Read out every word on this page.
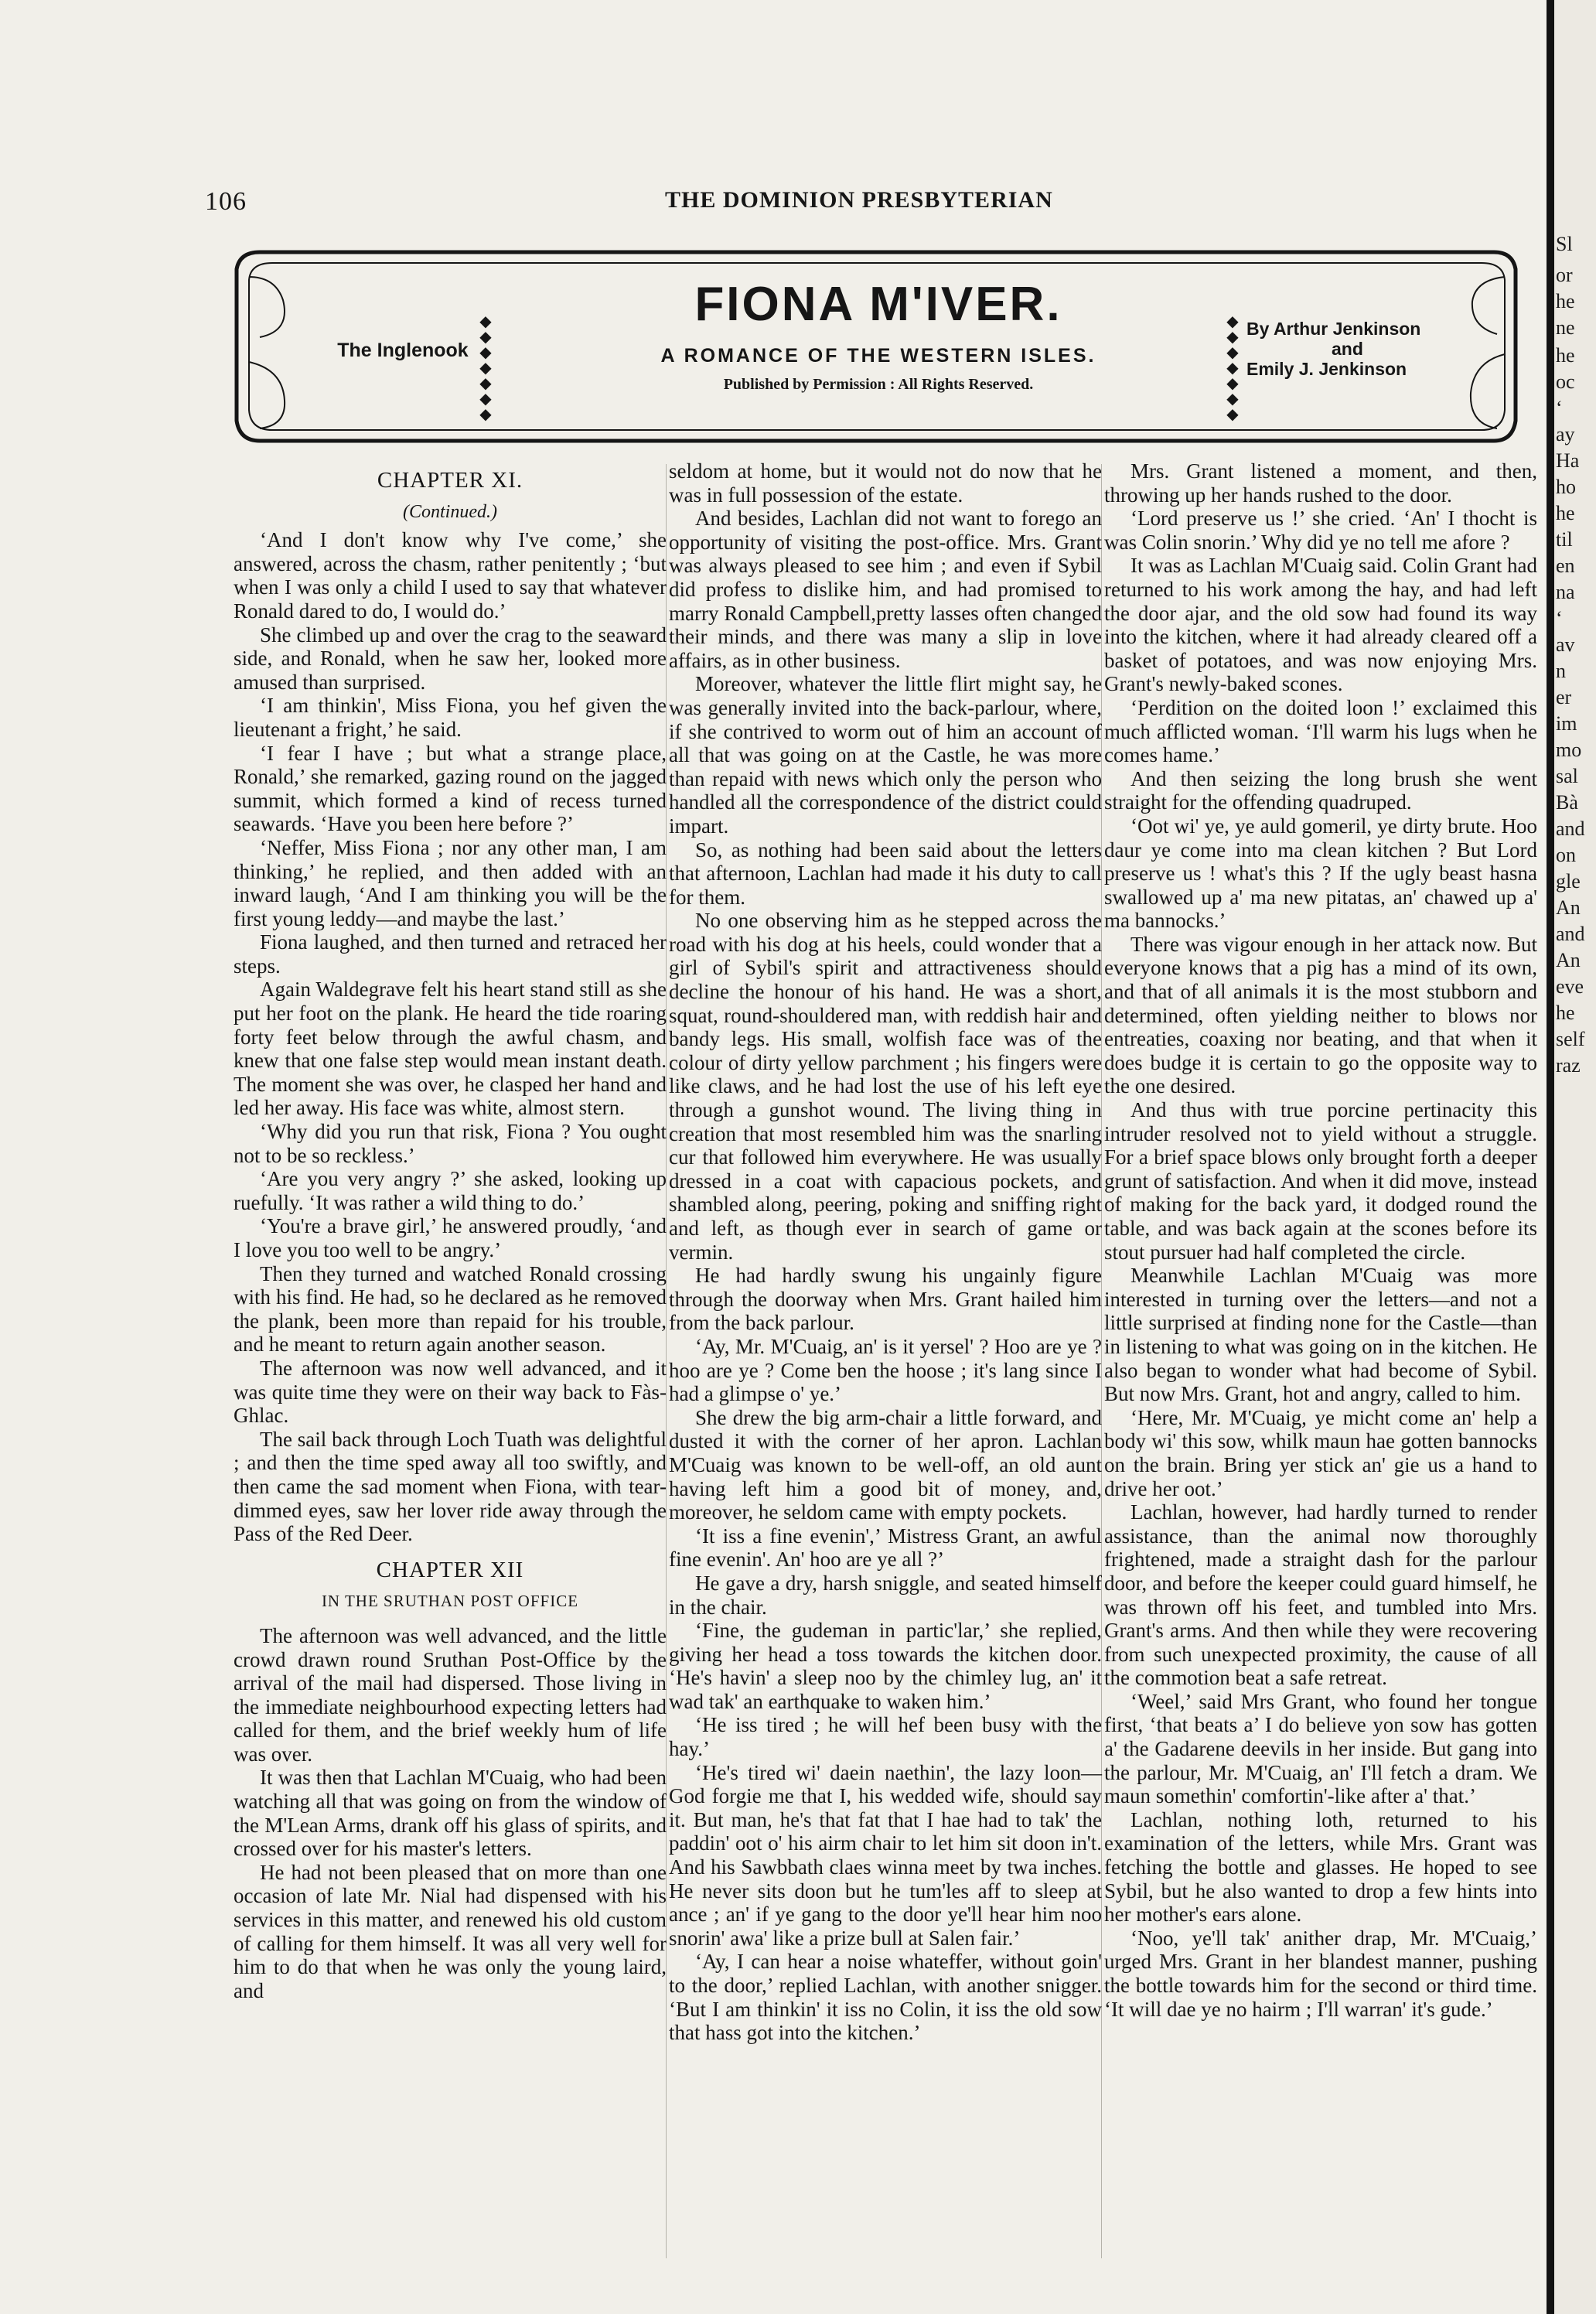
106	THE DOMINION PRESBYTERIAN
The Inglenook
◆
◆
◆
◆
◆
◆
◆
FIONA M'IVER.
A ROMANCE OF THE WESTERN ISLES.
Published by Permission : All Rights Reserved.
◆
◆
◆
◆
◆
◆
◆
By Arthur Jenkinson
and
Emily J. Jenkinson
CHAPTER XI.
(Continued.)

‘And I don't know why I've come,’ she answered, across the chasm, rather penitently ; ‘but when I was only a child I used to say that whatever Ronald dared to do, I would do.’

She climbed up and over the crag to the seaward side, and Ronald, when he saw her, looked more amused than surprised.

‘I am thinkin', Miss Fiona, you hef given the lieutenant a fright,’ he said.

‘I fear I have ; but what a strange place, Ronald,’ she remarked, gazing round on the jagged summit, which formed a kind of recess turned seawards. ‘Have you been here before ?’

‘Neffer, Miss Fiona ; nor any other man, I am thinking,’ he replied, and then added with an inward laugh, ‘And I am thinking you will be the first young leddy—and maybe the last.’

Fiona laughed, and then turned and retraced her steps.

Again Waldegrave felt his heart stand still as she put her foot on the plank. He heard the tide roaring forty feet below through the awful chasm, and knew that one false step would mean instant death. The moment she was over, he clasped her hand and led her away. His face was white, almost stern.

‘Why did you run that risk, Fiona ? You ought not to be so reckless.’

‘Are you very angry ?’ she asked, looking up ruefully. ‘It was rather a wild thing to do.’

‘You're a brave girl,’ he answered proudly, ‘and I love you too well to be angry.’

Then they turned and watched Ronald crossing with his find. He had, so he declared as he removed the plank, been more than repaid for his trouble, and he meant to return again another season.

The afternoon was now well advanced, and it was quite time they were on their way back to Fàs-Ghlac.

The sail back through Loch Tuath was delightful ; and then the time sped away all too swiftly, and then came the sad moment when Fiona, with tear-dimmed eyes, saw her lover ride away through the Pass of the Red Deer.

CHAPTER XII
IN THE SRUTHAN POST OFFICE

The afternoon was well advanced, and the little crowd drawn round Sruthan Post-Office by the arrival of the mail had dispersed. Those living in the immediate neighbourhood expecting letters had called for them, and the brief weekly hum of life was over.

It was then that Lachlan M'Cuaig, who had been watching all that was going on from the window of the M'Lean Arms, drank off his glass of spirits, and crossed over for his master's letters.

He had not been pleased that on more than one occasion of late Mr. Nial had dispensed with his services in this matter, and renewed his old custom of calling for them himself. It was all very well for him to do that when he was only the young laird, and

seldom at home, but it would not do now that he was in full possession of the estate.

And besides, Lachlan did not want to forego an opportunity of visiting the post-office. Mrs. Grant was always pleased to see him ; and even if Sybil did profess to dislike him, and had promised to marry Ronald Campbell,pretty lasses often changed their minds, and there was many a slip in love affairs, as in other business.

Moreover, whatever the little flirt might say, he was generally invited into the back-parlour, where, if she contrived to worm out of him an account of all that was going on at the Castle, he was more than repaid with news which only the person who handled all the correspondence of the district could impart.

So, as nothing had been said about the letters that afternoon, Lachlan had made it his duty to call for them.

No one observing him as he stepped across the road with his dog at his heels, could wonder that a girl of Sybil's spirit and attractiveness should decline the honour of his hand. He was a short, squat, round-shouldered man, with reddish hair and bandy legs. His small, wolfish face was of the colour of dirty yellow parchment ; his fingers were like claws, and he had lost the use of his left eye through a gunshot wound. The living thing in creation that most resembled him was the snarling cur that followed him everywhere. He was usually dressed in a coat with capacious pockets, and shambled along, peering, poking and sniffing right and left, as though ever in search of game or vermin.

He had hardly swung his ungainly figure through the doorway when Mrs. Grant hailed him from the back parlour.

‘Ay, Mr. M'Cuaig, an' is it yersel' ? Hoo are ye ? hoo are ye ? Come ben the hoose ; it's lang since I had a glimpse o' ye.’

She drew the big arm-chair a little forward, and dusted it with the corner of her apron. Lachlan M'Cuaig was known to be well-off, an old aunt having left him a good bit of money, and, moreover, he seldom came with empty pockets.

‘It iss a fine evenin',’ Mistress Grant, an awful fine evenin'. An' hoo are ye all ?’

He gave a dry, harsh sniggle, and seated himself in the chair.

‘Fine, the gudeman in partic'lar,’ she replied, giving her head a toss towards the kitchen door. ‘He's havin' a sleep noo by the chimley lug, an' it wad tak' an earthquake to waken him.’

‘He iss tired ; he will hef been busy with the hay.’

‘He's tired wi' daein naethin', the lazy loon—God forgie me that I, his wedded wife, should say it. But man, he's that fat that I hae had to tak' the paddin' oot o' his airm chair to let him sit doon in't. And his Sawbbath claes winna meet by twa inches. He never sits doon but he tum'les aff to sleep at ance ; an' if ye gang to the door ye'll hear him noo snorin' awa' like a prize bull at Salen fair.’

‘Ay, I can hear a noise whateffer, without goin' to the door,’ replied Lachlan, with another snigger. ‘But I am thinkin' it iss no Colin, it iss the old sow that hass got into the kitchen.’

Mrs. Grant listened a moment, and then, throwing up her hands rushed to the door.

‘Lord preserve us !’ she cried. ‘An' I thocht is was Colin snorin.’ Why did ye no tell me afore ?

It was as Lachlan M'Cuaig said. Colin Grant had returned to his work among the hay, and had left the door ajar, and the old sow had found its way into the kitchen, where it had already cleared off a basket of potatoes, and was now enjoying Mrs. Grant's newly-baked scones.

‘Perdition on the doited loon !’ exclaimed this much afflicted woman. ‘I'll warm his lugs when he comes hame.’

And then seizing the long brush she went straight for the offending quadruped.

‘Oot wi' ye, ye auld gomeril, ye dirty brute. Hoo daur ye come into ma clean kitchen ? But Lord preserve us ! what's this ? If the ugly beast hasna swallowed up a' ma new pitatas, an' chawed up a' ma bannocks.’

There was vigour enough in her attack now. But everyone knows that a pig has a mind of its own, and that of all animals it is the most stubborn and determined, often yielding neither to blows nor entreaties, coaxing nor beating, and that when it does budge it is certain to go the opposite way to the one desired.

And thus with true porcine pertinacity this intruder resolved not to yield without a struggle. For a brief space blows only brought forth a deeper grunt of satisfaction. And when it did move, instead of making for the back yard, it dodged round the table, and was back again at the scones before its stout pursuer had half completed the circle.

Meanwhile Lachlan M'Cuaig was more interested in turning over the letters—and not a little surprised at finding none for the Castle—than in listening to what was going on in the kitchen. He also began to wonder what had become of Sybil. But now Mrs. Grant, hot and angry, called to him.

‘Here, Mr. M'Cuaig, ye micht come an' help a body wi' this sow, whilk maun hae gotten bannocks on the brain. Bring yer stick an' gie us a hand to drive her oot.’

Lachlan, however, had hardly turned to render assistance, than the animal now thoroughly frightened, made a straight dash for the parlour door, and before the keeper could guard himself, he was thrown off his feet, and tumbled into Mrs. Grant's arms. And then while they were recovering from such unexpected proximity, the cause of all the commotion beat a safe retreat.

‘Weel,’ said Mrs Grant, who found her tongue first, ‘that beats a’ I do believe yon sow has gotten a' the Gadarene deevils in her inside. But gang into the parlour, Mr. M'Cuaig, an' I'll fetch a dram. We maun somethin' comfortin'-like after a' that.’

Lachlan, nothing loth, returned to his examination of the letters, while Mrs. Grant was fetching the bottle and glasses. He hoped to see Sybil, but he also wanted to drop a few hints into her mother's ears alone.

‘Noo, ye'll tak' anither drap, Mr. M'Cuaig,’ urged Mrs. Grant in her blandest manner, pushing the bottle towards him for the second or third time. ‘It will dae ye no hairm ; I'll warran' it's gude.’

Sl
or
he
ne
he
oc
‘
ay
Ha
ho
he
til
en
na
‘
av
n
er
im
mo
sal
Bà
and
on
gle
An
and
An
eve
he
self
raz
